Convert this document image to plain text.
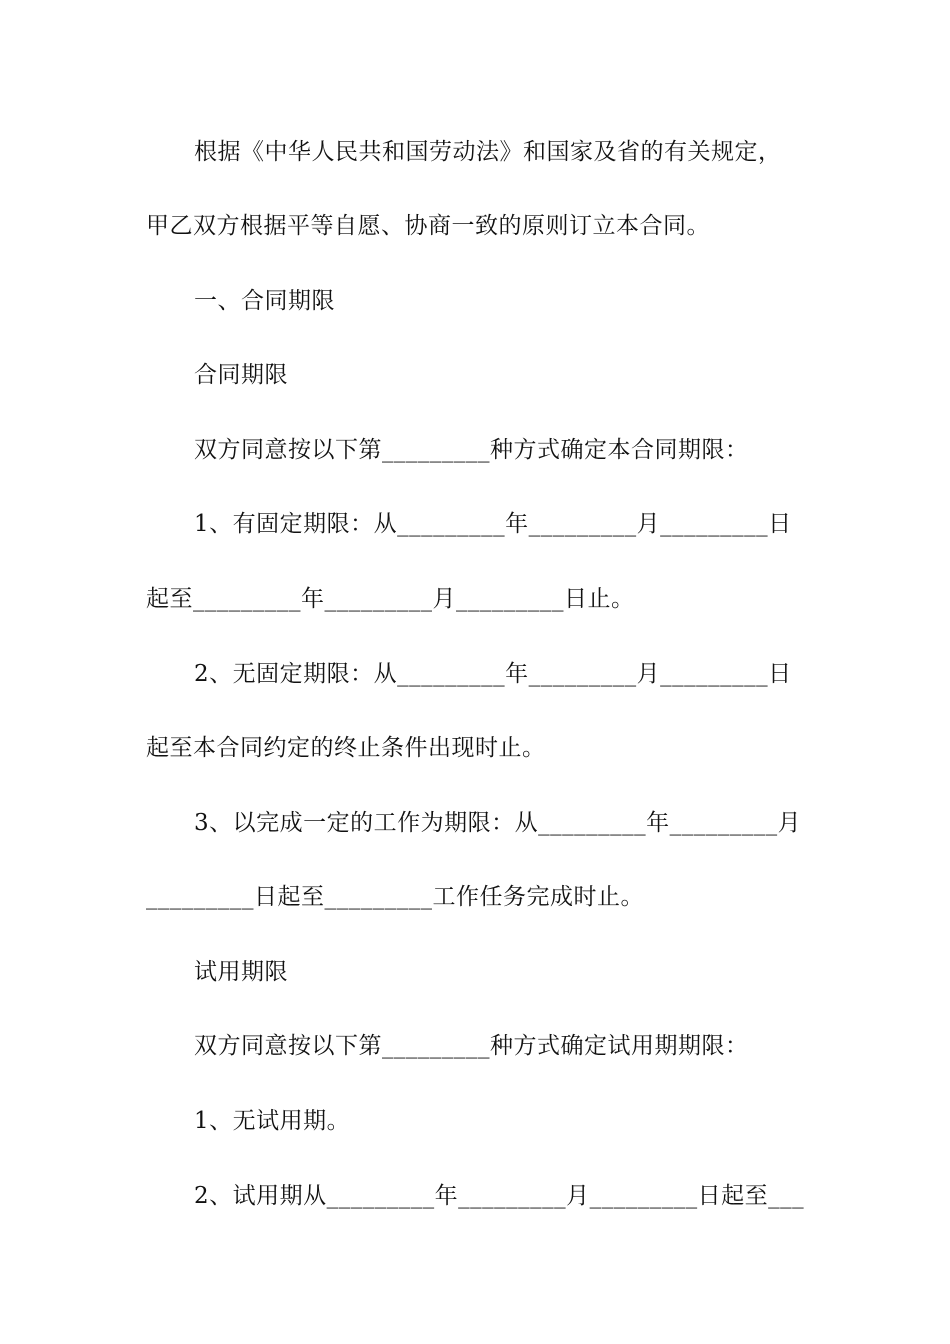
根据《中华人民共和国劳动法》和国家及省的有关规定，
甲乙双方根据平等自愿、协商一致的原则订立本合同。
一、合同期限
合同期限
双方同意按以下第_________种方式确定本合同期限：
1、有固定期限：从_________年_________月_________日
起至_________年_________月_________日止。
2、无固定期限：从_________年_________月_________日
起至本合同约定的终止条件出现时止。
3、以完成一定的工作为期限：从_________年_________月
_________日起至_________工作任务完成时止。
试用期限
双方同意按以下第_________种方式确定试用期期限：
1、无试用期。
2、试用期从_________年_________月_________日起至___
